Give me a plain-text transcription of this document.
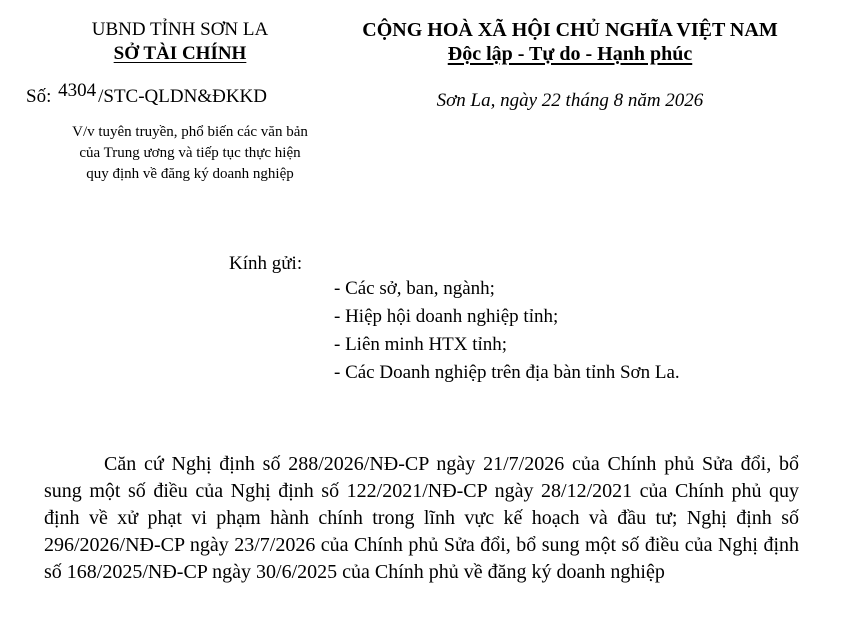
UBND TỈNH SƠN LA
SỞ TÀI CHÍNH
CỘNG HOÀ XÃ HỘI CHỦ NGHĨA VIỆT NAM
Độc lập - Tự do - Hạnh phúc
Số: 4304 /STC-QLDN&ĐKKD	Sơn La, ngày 22 tháng 8 năm 2026
V/v tuyên truyền, phổ biến các văn bản
của Trung ương và tiếp tục thực hiện
quy định về đăng ký doanh nghiệp
Kính gửi:
- Các sở, ban, ngành;
- Hiệp hội doanh nghiệp tỉnh;
- Liên minh HTX tỉnh;
- Các Doanh nghiệp trên địa bàn tỉnh Sơn La.
Căn cứ Nghị định số 288/2026/NĐ-CP ngày 21/7/2026 của Chính phủ Sửa đổi, bổ sung một số điều của Nghị định số 122/2021/NĐ-CP ngày 28/12/2021 của Chính phủ quy định về xử phạt vi phạm hành chính trong lĩnh vực kế hoạch và đầu tư; Nghị định số 296/2026/NĐ-CP ngày 23/7/2026 của Chính phủ Sửa đổi, bổ sung một số điều của Nghị định số 168/2025/NĐ-CP ngày 30/6/2025 của Chính phủ về đăng ký doanh nghiệp
